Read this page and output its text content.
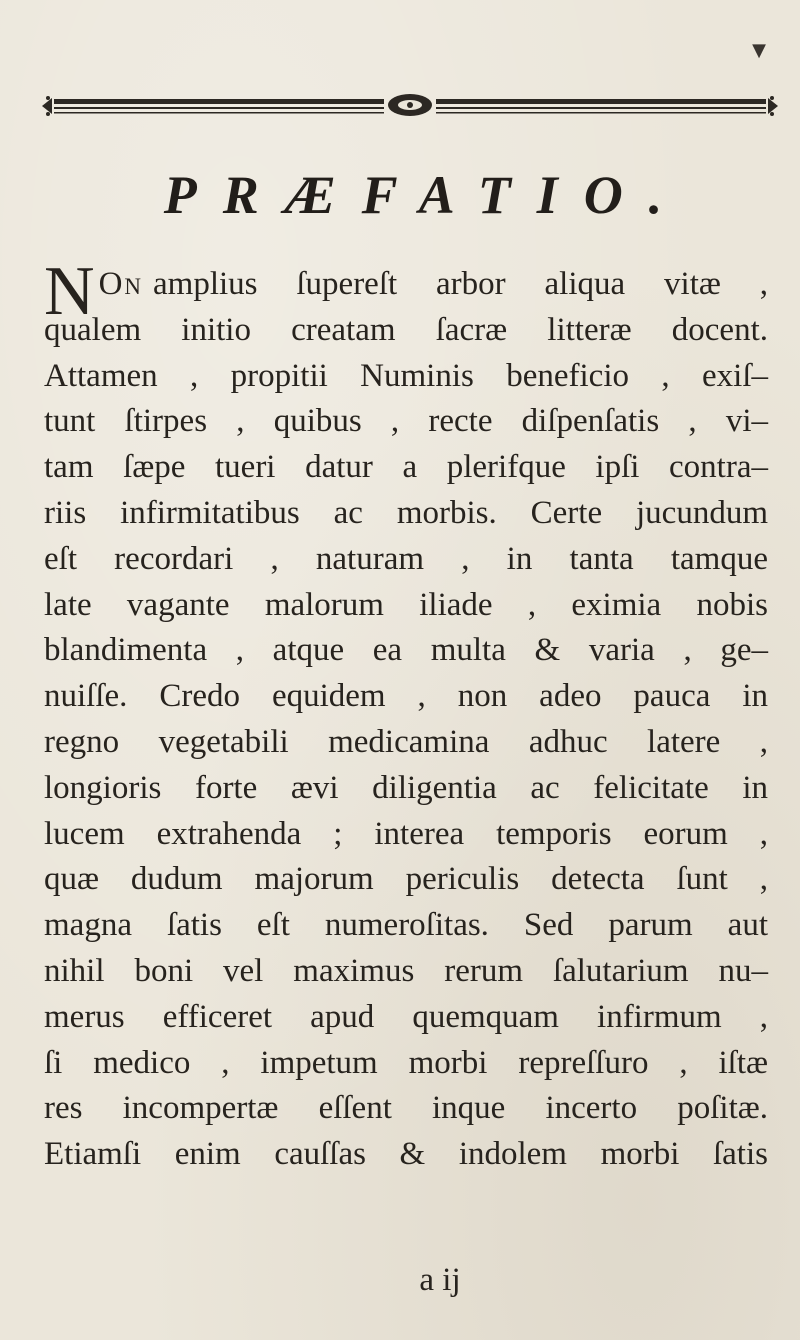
▼
PRÆFATIO.
N On amplius ſupereſt arbor aliqua vitæ ,
qualem initio creatam ſacræ litteræ docent.
Attamen , propitii Numinis beneficio , exiſ–
tunt ſtirpes , quibus , recte diſpenſatis , vi–
tam ſæpe tueri datur a plerifque ipſi contra–
riis infirmitatibus ac morbis. Certe jucundum
eſt recordari , naturam , in tanta tamque
late vagante malorum iliade , eximia nobis
blandimenta , atque ea multa & varia , ge–
nuiſſe. Credo equidem , non adeo pauca in
regno vegetabili medicamina adhuc latere ,
longioris forte ævi diligentia ac felicitate in
lucem extrahenda ; interea temporis eorum ,
quæ dudum majorum periculis detecta ſunt ,
magna ſatis eſt numeroſitas. Sed parum aut
nihil boni vel maximus rerum ſalutarium nu–
merus efficeret apud quemquam infirmum ,
ſi medico , impetum morbi repreſſuro , iſtæ
res incompertæ eſſent inque incerto poſitæ.
Etiamſi enim cauſſas & indolem morbi ſatis
a ij
